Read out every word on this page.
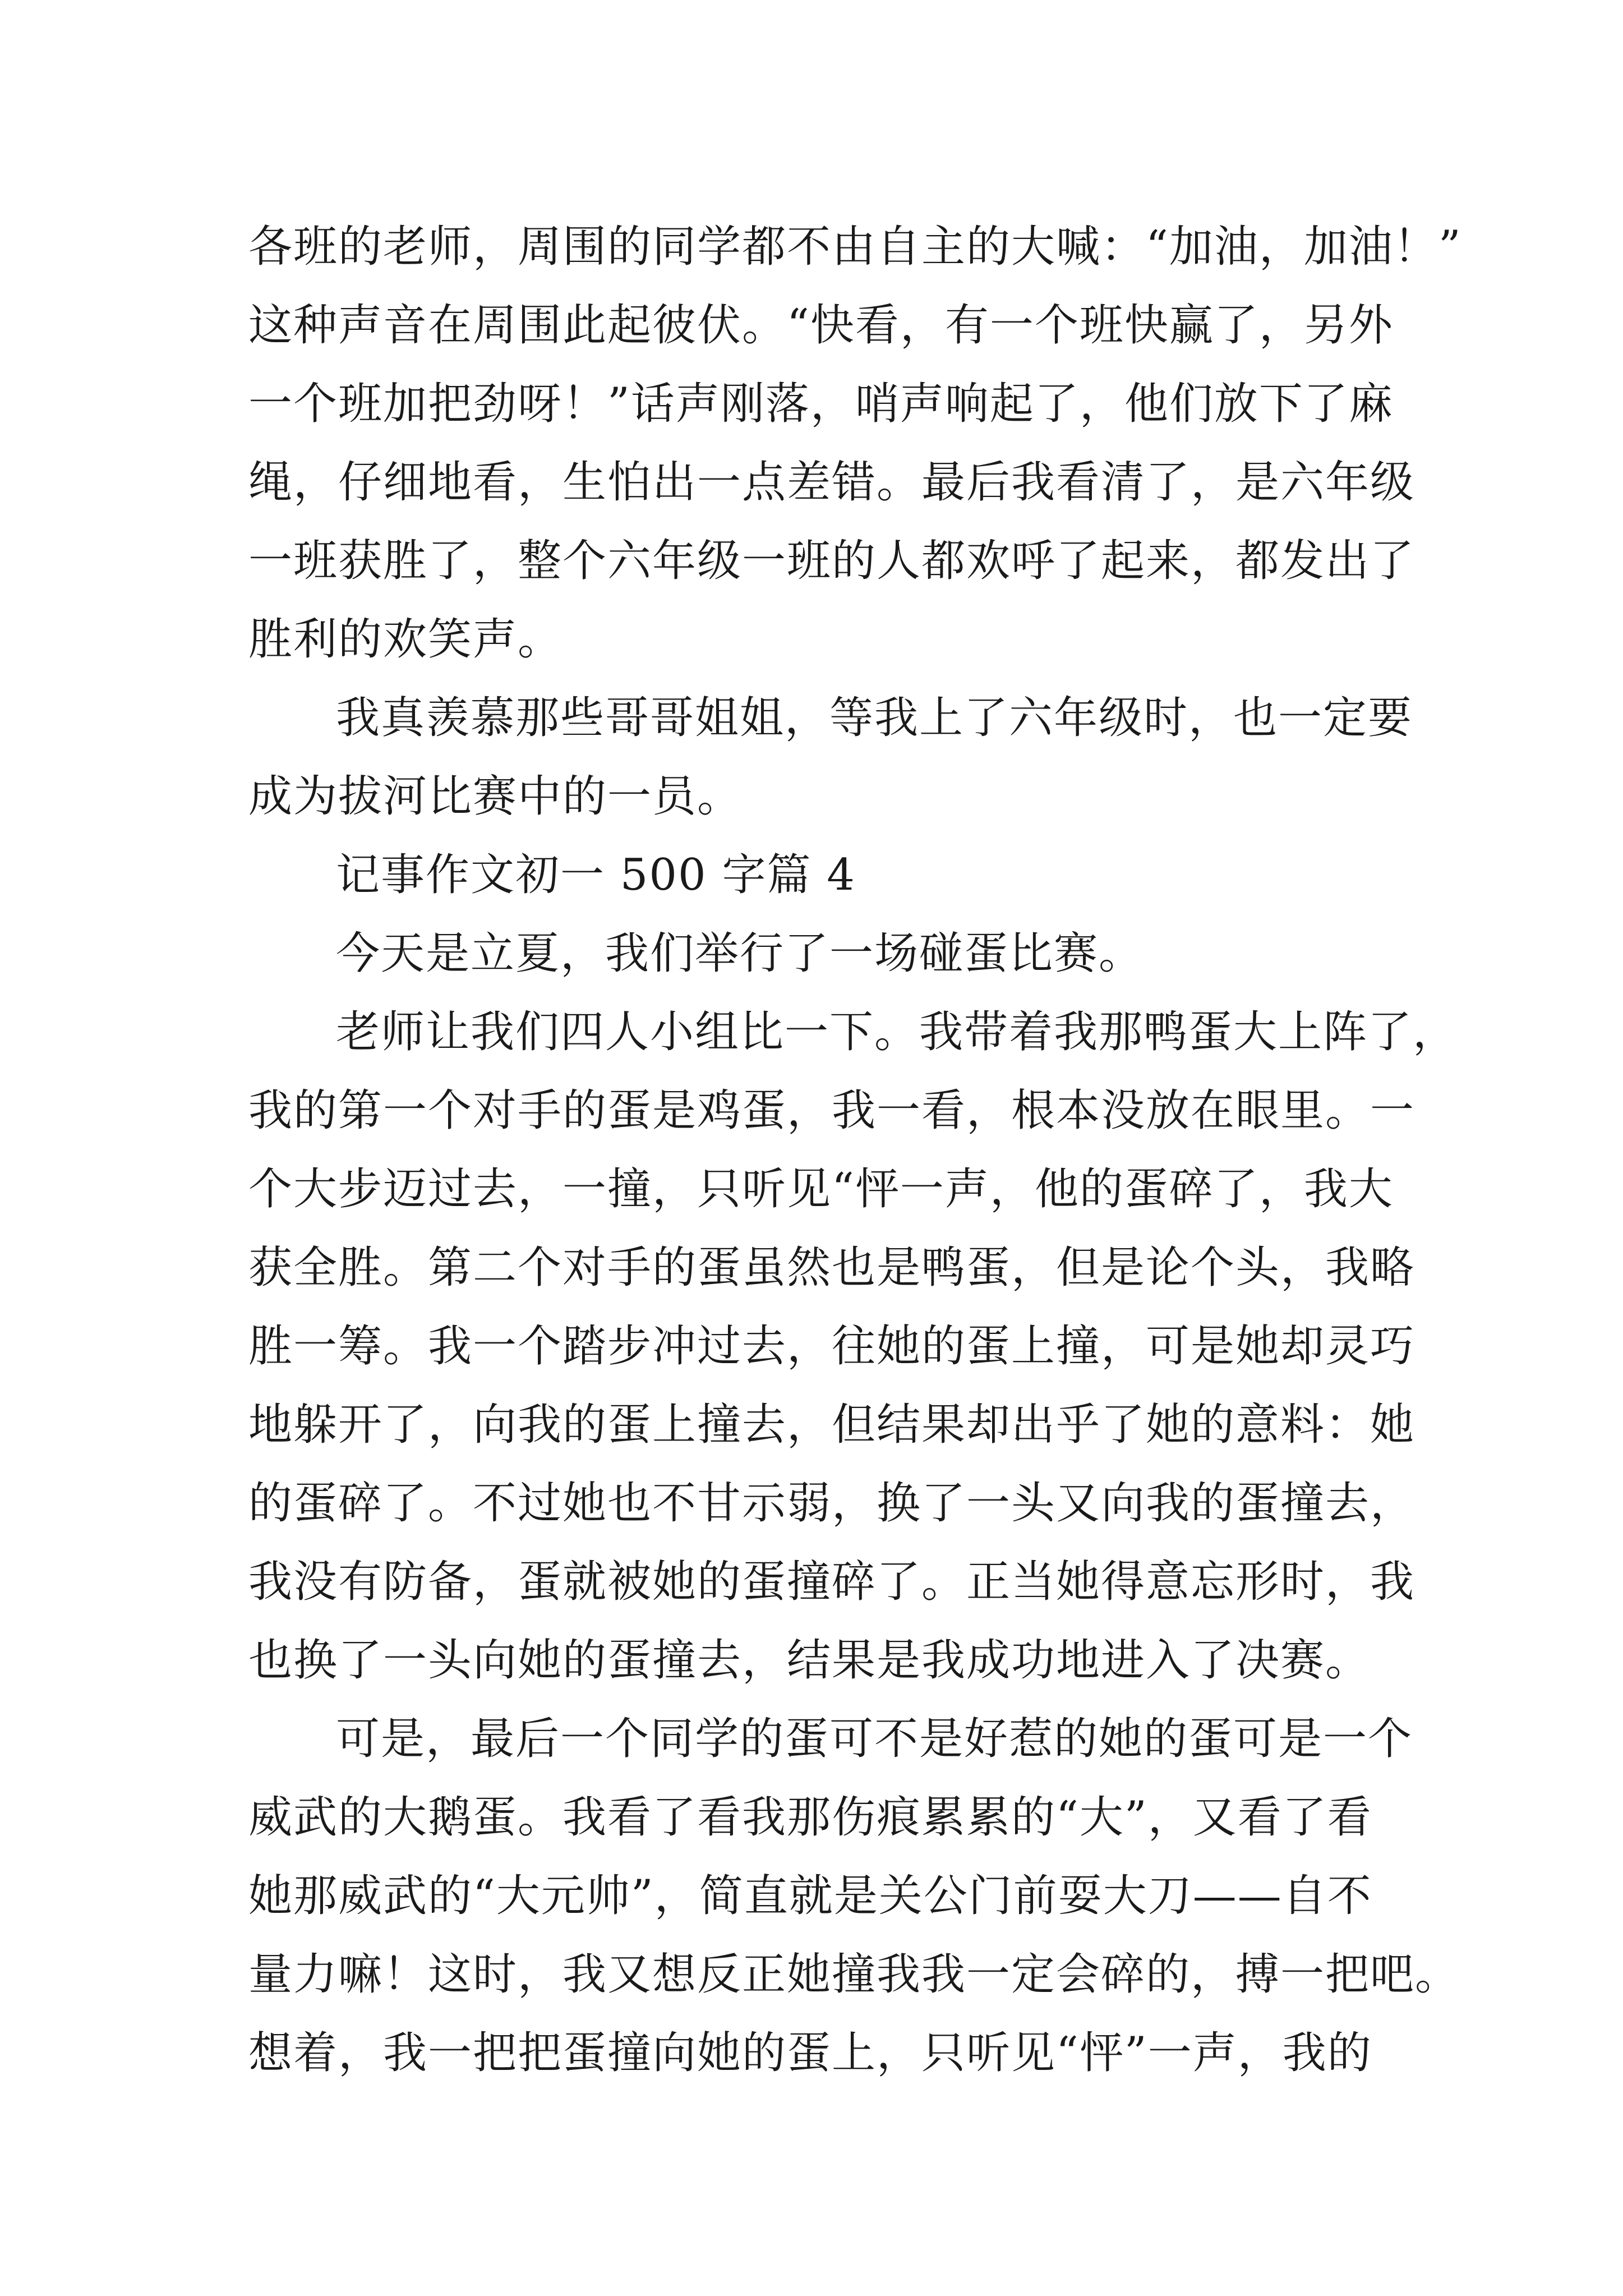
各班的老师，周围的同学都不由自主的大喊：“加油，加油！”
这种声音在周围此起彼伏。“快看，有一个班快赢了，另外
一个班加把劲呀！”话声刚落，哨声响起了，他们放下了麻
绳，仔细地看，生怕出一点差错。最后我看清了，是六年级
一班获胜了，整个六年级一班的人都欢呼了起来，都发出了
胜利的欢笑声。
我真羡慕那些哥哥姐姐，等我上了六年级时，也一定要
成为拔河比赛中的一员。
记事作文初一 500 字篇 4
今天是立夏，我们举行了一场碰蛋比赛。
老师让我们四人小组比一下。我带着我那鸭蛋大上阵了，
我的第一个对手的蛋是鸡蛋，我一看，根本没放在眼里。一
个大步迈过去，一撞，只听见“怦一声，他的蛋碎了，我大
获全胜。第二个对手的蛋虽然也是鸭蛋，但是论个头，我略
胜一筹。我一个踏步冲过去，往她的蛋上撞，可是她却灵巧
地躲开了，向我的蛋上撞去，但结果却出乎了她的意料：她
的蛋碎了。不过她也不甘示弱，换了一头又向我的蛋撞去，
我没有防备，蛋就被她的蛋撞碎了。正当她得意忘形时，我
也换了一头向她的蛋撞去，结果是我成功地进入了决赛。
可是，最后一个同学的蛋可不是好惹的她的蛋可是一个
威武的大鹅蛋。我看了看我那伤痕累累的“大”，又看了看
她那威武的“大元帅”，简直就是关公门前耍大刀——自不
量力嘛！这时，我又想反正她撞我我一定会碎的，搏一把吧。
想着，我一把把蛋撞向她的蛋上，只听见“怦”一声，我的
